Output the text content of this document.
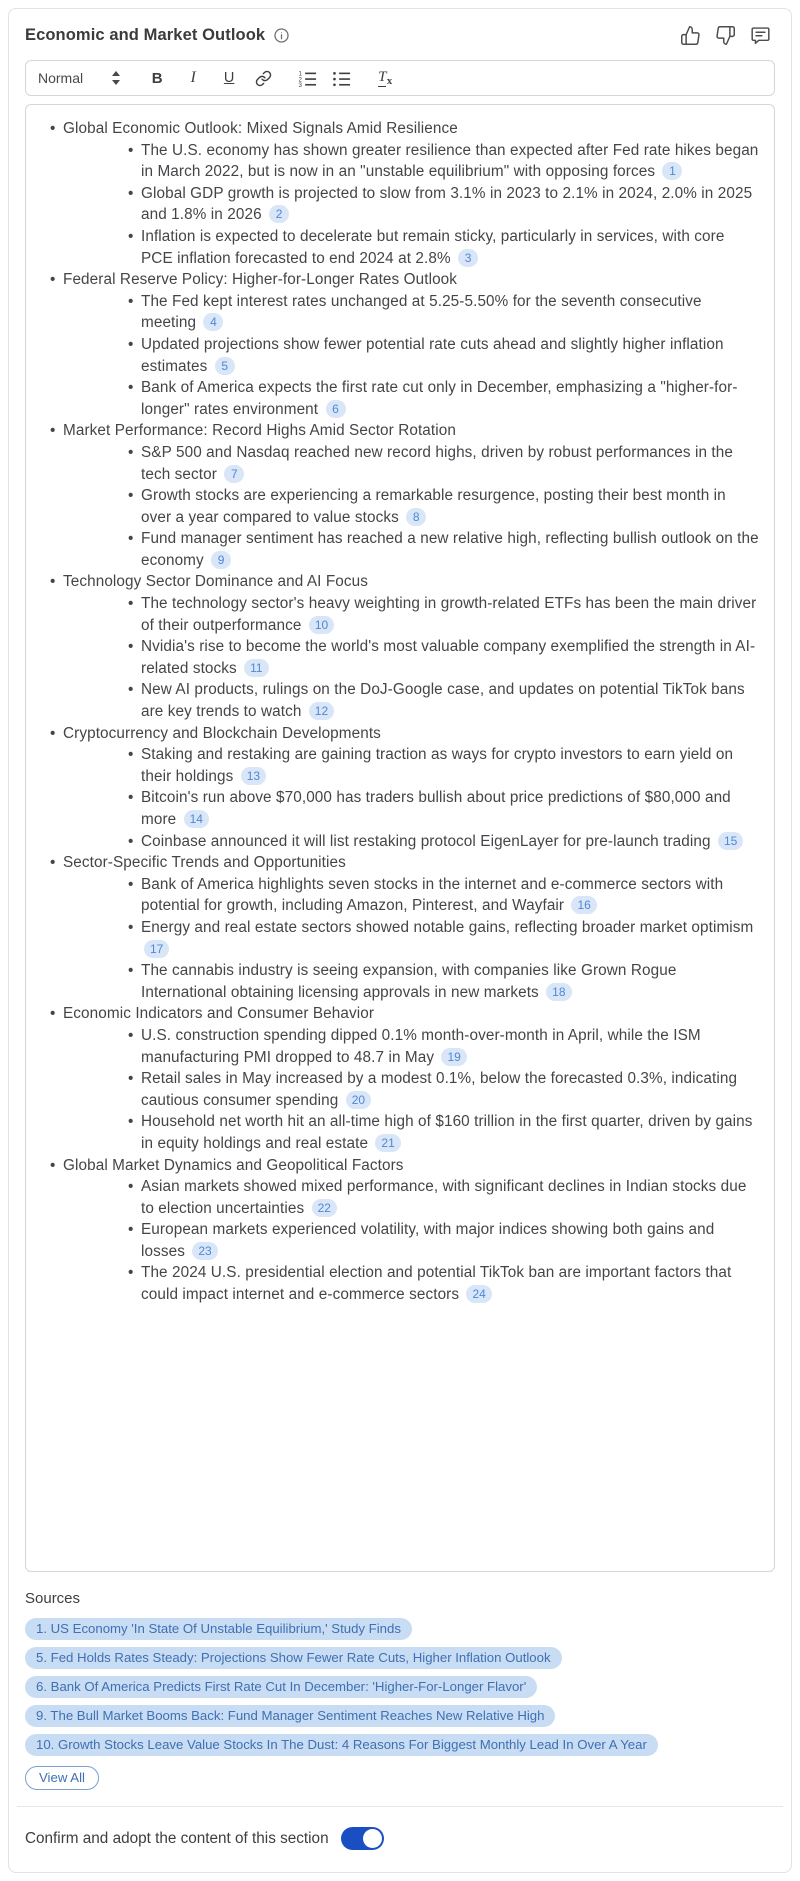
Economic and Market Outlook
Normal	B	I	U	1
2
3
T x
• Global Economic Outlook: Mixed Signals Amid Resilience
• The U.S. economy has shown greater resilience than expected after Fed rate hikes began in March 2022, but is now in an "unstable equilibrium" with opposing forces 1
• Global GDP growth is projected to slow from 3.1% in 2023 to 2.1% in 2024, 2.0% in 2025 and 1.8% in 2026 2
• Inflation is expected to decelerate but remain sticky, particularly in services, with core PCE inflation forecasted to end 2024 at 2.8% 3
• Federal Reserve Policy: Higher-for-Longer Rates Outlook
• The Fed kept interest rates unchanged at 5.25-5.50% for the seventh consecutive meeting 4
• Updated projections show fewer potential rate cuts ahead and slightly higher inflation estimates 5
• Bank of America expects the first rate cut only in December, emphasizing a "higher-for-longer" rates environment 6
• Market Performance: Record Highs Amid Sector Rotation
• S&P 500 and Nasdaq reached new record highs, driven by robust performances in the tech sector 7
• Growth stocks are experiencing a remarkable resurgence, posting their best month in over a year compared to value stocks 8
• Fund manager sentiment has reached a new relative high, reflecting bullish outlook on the economy 9
• Technology Sector Dominance and AI Focus
• The technology sector's heavy weighting in growth-related ETFs has been the main driver of their outperformance 10
• Nvidia's rise to become the world's most valuable company exemplified the strength in AI-related stocks 11
• New AI products, rulings on the DoJ-Google case, and updates on potential TikTok bans are key trends to watch 12
• Cryptocurrency and Blockchain Developments
• Staking and restaking are gaining traction as ways for crypto investors to earn yield on their holdings 13
• Bitcoin's run above $70,000 has traders bullish about price predictions of $80,000 and more 14
• Coinbase announced it will list restaking protocol EigenLayer for pre-launch trading 15
• Sector-Specific Trends and Opportunities
• Bank of America highlights seven stocks in the internet and e-commerce sectors with potential for growth, including Amazon, Pinterest, and Wayfair 16
• Energy and real estate sectors showed notable gains, reflecting broader market optimism 17
• The cannabis industry is seeing expansion, with companies like Grown Rogue International obtaining licensing approvals in new markets 18
• Economic Indicators and Consumer Behavior
• U.S. construction spending dipped 0.1% month-over-month in April, while the ISM manufacturing PMI dropped to 48.7 in May 19
• Retail sales in May increased by a modest 0.1%, below the forecasted 0.3%, indicating cautious consumer spending 20
• Household net worth hit an all-time high of $160 trillion in the first quarter, driven by gains in equity holdings and real estate 21
• Global Market Dynamics and Geopolitical Factors
• Asian markets showed mixed performance, with significant declines in Indian stocks due to election uncertainties 22
• European markets experienced volatility, with major indices showing both gains and losses 23
• The 2024 U.S. presidential election and potential TikTok ban are important factors that could impact internet and e-commerce sectors 24
Sources
1. US Economy 'In State Of Unstable Equilibrium,' Study Finds
5. Fed Holds Rates Steady: Projections Show Fewer Rate Cuts, Higher Inflation Outlook
6. Bank Of America Predicts First Rate Cut In December: 'Higher-For-Longer Flavor'
9. The Bull Market Booms Back: Fund Manager Sentiment Reaches New Relative High
10. Growth Stocks Leave Value Stocks In The Dust: 4 Reasons For Biggest Monthly Lead In Over A Year
View All
Confirm and adopt the content of this section
